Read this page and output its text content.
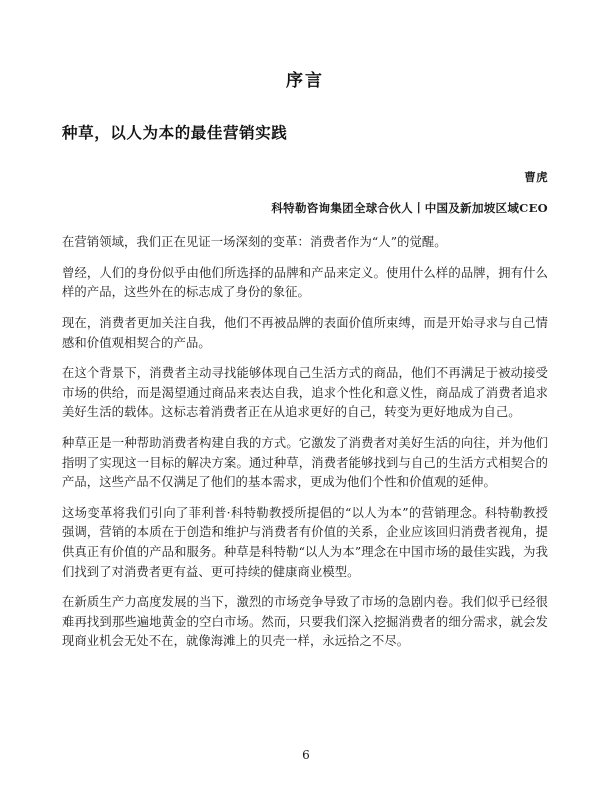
序言
种草，以人为本的最佳营销实践

曹虎

科特勒咨询集团全球合伙人丨中国及新加坡区域CEO

在营销领域，我们正在见证一场深刻的变革：消费者作为“人”的觉醒。

曾经，人们的身份似乎由他们所选择的品牌和产品来定义。使用什么样的品牌，拥有什么样的产品，这些外在的标志成了身份的象征。

现在，消费者更加关注自我，他们不再被品牌的表面价值所束缚，而是开始寻求与自己情感和价值观相契合的产品。

在这个背景下，消费者主动寻找能够体现自己生活方式的商品，他们不再满足于被动接受市场的供给，而是渴望通过商品来表达自我，追求个性化和意义性，商品成了消费者追求美好生活的载体。这标志着消费者正在从追求更好的自己，转变为更好地成为自己。

种草正是一种帮助消费者构建自我的方式。它激发了消费者对美好生活的向往，并为他们指明了实现这一目标的解决方案。通过种草，消费者能够找到与自己的生活方式相契合的产品，这些产品不仅满足了他们的基本需求，更成为他们个性和价值观的延伸。

这场变革将我们引向了菲利普·科特勒教授所提倡的“以人为本”的营销理念。科特勒教授强调，营销的本质在于创造和维护与消费者有价值的关系，企业应该回归消费者视角，提供真正有价值的产品和服务。种草是科特勒“以人为本”理念在中国市场的最佳实践，为我们找到了对消费者更有益、更可持续的健康商业模型。

在新质生产力高度发展的当下，激烈的市场竞争导致了市场的急剧内卷。我们似乎已经很难再找到那些遍地黄金的空白市场。然而，只要我们深入挖掘消费者的细分需求，就会发现商业机会无处不在，就像海滩上的贝壳一样，永远拾之不尽。

6
